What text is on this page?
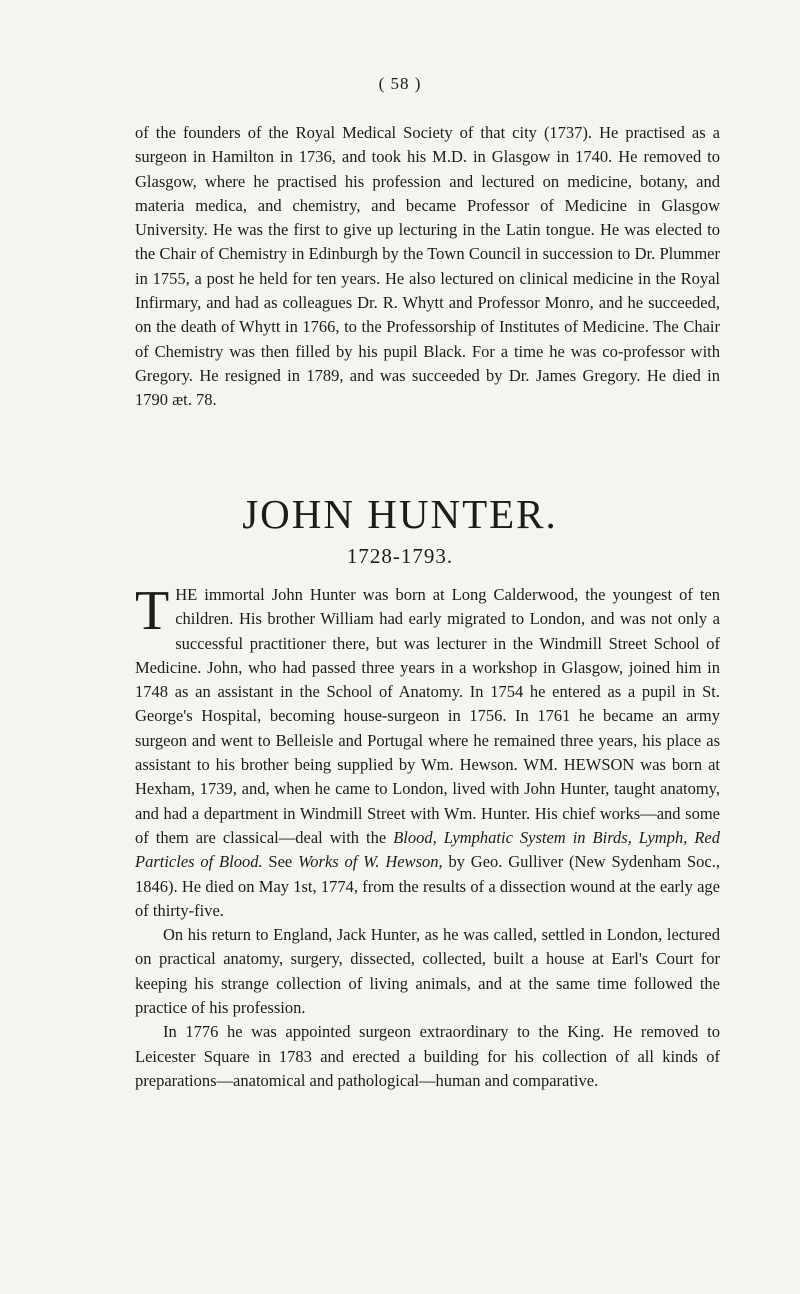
( 58 )

of the founders of the Royal Medical Society of that city (1737). He practised as a surgeon in Hamilton in 1736, and took his M.D. in Glasgow in 1740. He removed to Glasgow, where he practised his profession and lectured on medicine, botany, and materia medica, and chemistry, and became Professor of Medicine in Glasgow University. He was the first to give up lecturing in the Latin tongue. He was elected to the Chair of Chemistry in Edinburgh by the Town Council in succession to Dr. Plummer in 1755, a post he held for ten years. He also lectured on clinical medicine in the Royal Infirmary, and had as colleagues Dr. R. Whytt and Professor Monro, and he succeeded, on the death of Whytt in 1766, to the Professorship of Institutes of Medicine. The Chair of Chemistry was then filled by his pupil Black. For a time he was co-professor with Gregory. He resigned in 1789, and was succeeded by Dr. James Gregory. He died in 1790 æt. 78.

JOHN HUNTER.
1728-1793.

T HE immortal John Hunter was born at Long Calderwood, the youngest of ten children. His brother William had early migrated to London, and was not only a successful practitioner there, but was lecturer in the Windmill Street School of Medicine. John, who had passed three years in a workshop in Glasgow, joined him in 1748 as an assistant in the School of Anatomy. In 1754 he entered as a pupil in St. George's Hospital, becoming house-surgeon in 1756. In 1761 he became an army surgeon and went to Belleisle and Portugal where he remained three years, his place as assistant to his brother being supplied by Wm. Hewson. WM. HEWSON was born at Hexham, 1739, and, when he came to London, lived with John Hunter, taught anatomy, and had a department in Windmill Street with Wm. Hunter. His chief works—and some of them are classical—deal with the Blood, Lymphatic System in Birds, Lymph, Red Particles of Blood. See Works of W. Hewson, by Geo. Gulliver (New Sydenham Soc., 1846). He died on May 1st, 1774, from the results of a dissection wound at the early age of thirty-five.

On his return to England, Jack Hunter, as he was called, settled in London, lectured on practical anatomy, surgery, dissected, collected, built a house at Earl's Court for keeping his strange collection of living animals, and at the same time followed the practice of his profession.

In 1776 he was appointed surgeon extraordinary to the King. He removed to Leicester Square in 1783 and erected a building for his collection of all kinds of preparations—anatomical and pathological—human and comparative.
